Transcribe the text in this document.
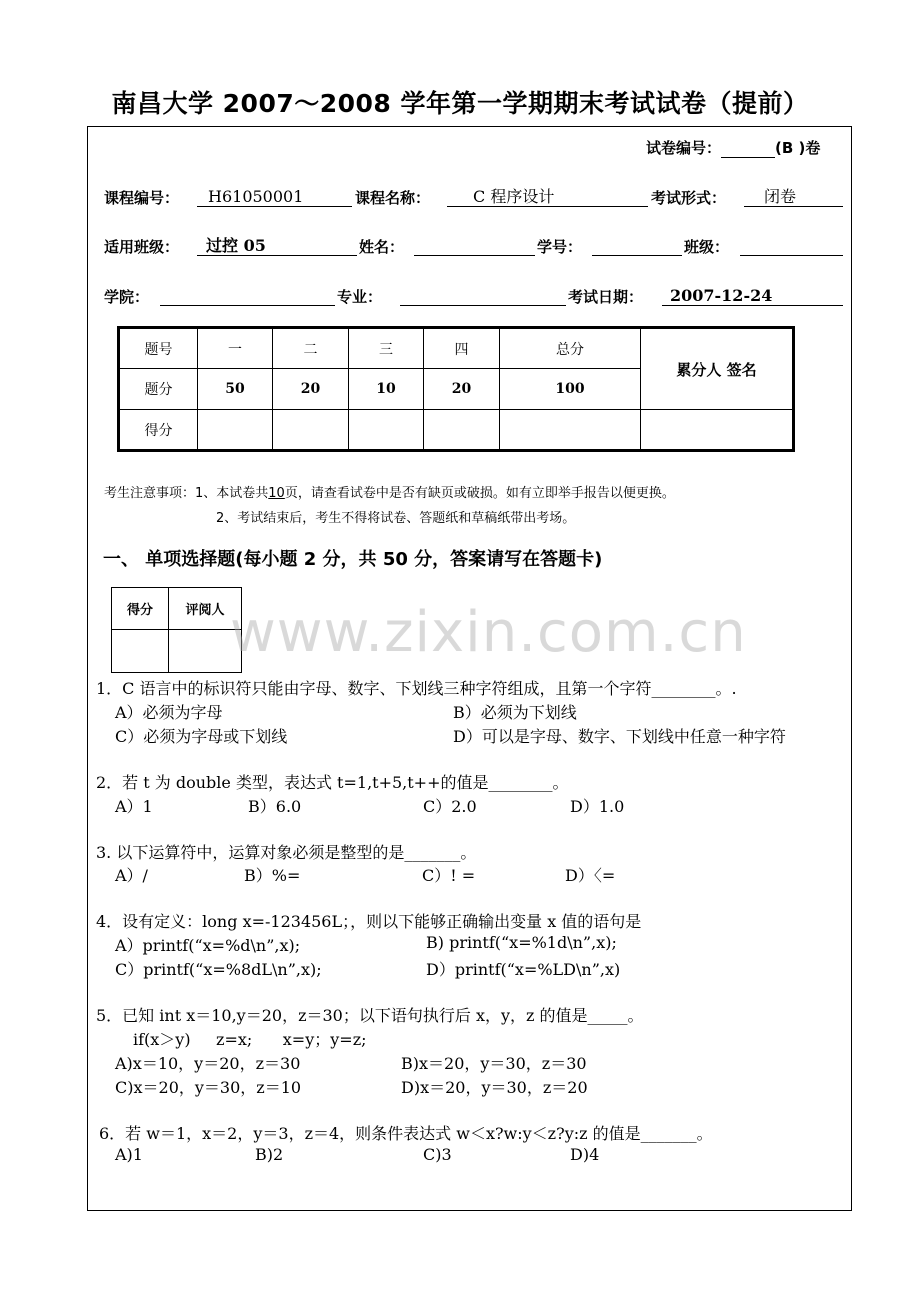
南昌大学 2007～2008 学年第一学期期末考试试卷（提前）
试卷编号：	(B )卷
课程编号：	H61050001	课程名称：	C 程序设计	考试形式：	闭卷
适用班级：	过控 05	姓名：	学号：	班级：
学院：	专业：	考试日期：	2007-12-24
题号	一	二	三	四	总分	累分人 签名
题分	50	20	10	20	100	
得分						
考生注意事项：1、本试卷共10页，请查看试卷中是否有缺页或破损。如有立即举手报告以便更换。
2、考试结束后，考生不得将试卷、答题纸和草稿纸带出考场。
一、 单项选择题(每小题 2 分，共 50 分，答案请写在答题卡)
得分	评阅人
	www.zixin.com.cn
1．C 语言中的标识符只能由字母、数字、下划线三种字符组成，且第一个字符________。.
A）必须为字母	B）必须为下划线
C）必须为字母或下划线	D）可以是字母、数字、下划线中任意一种字符
2．若 t 为 double 类型，表达式 t=1,t+5,t++的值是________。
A）1	B）6.0	C）2.0	D）1.0
3. 以下运算符中，运算对象必须是整型的是_______。
A）/	B）%=	C）! =	D）〈=
4．设有定义：long x=-123456L；，则以下能够正确输出变量 x 值的语句是
A）printf(“x=%d\n”,x);	B) printf(“x=%1d\n”,x);
C）printf(“x=%8dL\n”,x);	D）printf(“x=%LD\n”,x)
5．已知 int x＝10,y＝20，z＝30；以下语句执行后 x，y，z 的值是_____。
if(x＞y)     z=x;      x=y；y=z;
A)x＝10，y＝20，z＝30	B)x＝20，y＝30，z＝30
C)x＝20，y＝30，z＝10	D)x＝20，y＝30，z＝20
6．若 w＝1，x＝2，y＝3，z＝4，则条件表达式 w＜x?w:y＜z?y:z 的值是_______。
A)1	B)2	C)3	D)4
